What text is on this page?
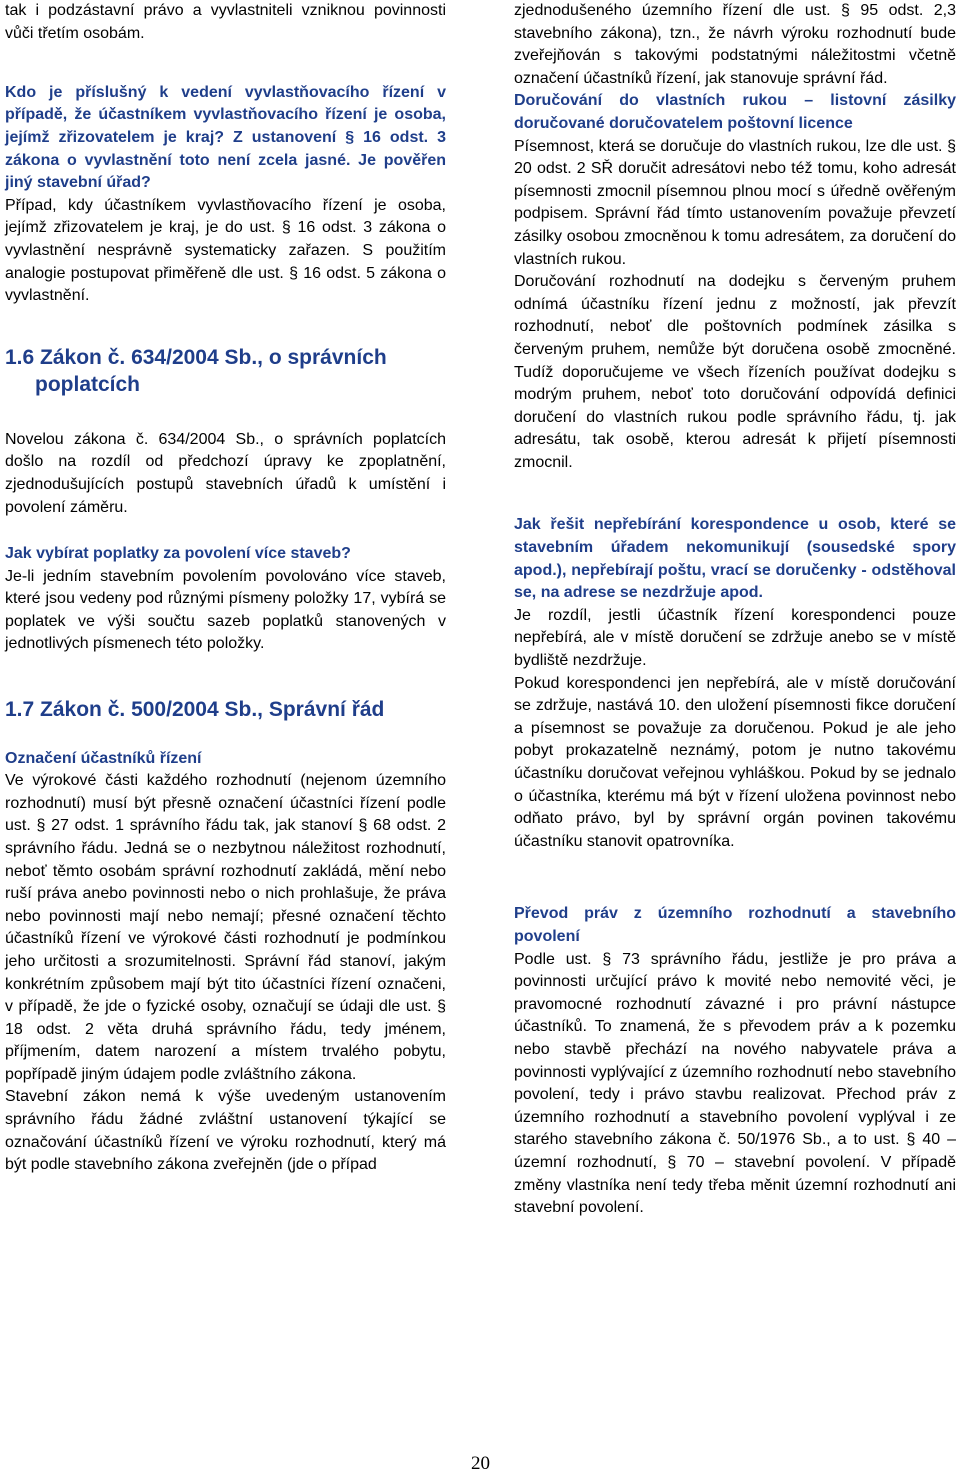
tak i podzástavní právo a vyvlastniteli vzniknou povinnosti vůči třetím osobám.

Kdo je příslušný k vedení vyvlastňovacího řízení v případě, že účastníkem vyvlastňovacího řízení je osoba, jejímž zřizovatelem je kraj? Z ustanovení § 16 odst. 3 zákona o vyvlastnění toto není zcela jasné. Je pověřen jiný stavební úřad?

Případ, kdy účastníkem vyvlastňovacího řízení je osoba, jejímž zřizovatelem je kraj, je do ust. § 16 odst. 3 zákona o vyvlastnění nesprávně systematicky zařazen. S použitím analogie postupovat přiměřeně dle ust. § 16 odst. 5 zákona o vyvlastnění.

1.6 Zákon č. 634/2004 Sb., o správních poplatcích

Novelou zákona č. 634/2004 Sb., o správních poplatcích došlo na rozdíl od předchozí úpravy ke zpoplatnění, zjednodušujících postupů stavebních úřadů k umístění i povolení záměru.

Jak vybírat poplatky za povolení více staveb?

Je-li jedním stavebním povolením povolováno více staveb, které jsou vedeny pod různými písmeny položky 17, vybírá se poplatek ve výši součtu sazeb poplatků stanovených v jednotlivých písmenech této položky.

1.7 Zákon č. 500/2004 Sb., Správní řád

Označení účastníků řízení

Ve výrokové části každého rozhodnutí (nejenom územního rozhodnutí) musí být přesně označení účastníci řízení podle ust. § 27 odst. 1 správního řádu tak, jak stanoví § 68 odst. 2 správního řádu. Jedná se o nezbytnou náležitost rozhodnutí, neboť těmto osobám správní rozhodnutí zakládá, mění nebo ruší práva anebo povinnosti nebo o nich prohlašuje, že práva nebo povinnosti mají nebo nemají; přesné označení těchto účastníků řízení ve výrokové části rozhodnutí je podmínkou jeho určitosti a srozumitelnosti. Správní řád stanoví, jakým konkrétním způsobem mají být tito účastníci řízení označeni, v případě, že jde o fyzické osoby, označují se údaji dle ust. § 18 odst. 2 věta druhá správního řádu, tedy jménem, příjmením, datem narození a místem trvalého pobytu, popřípadě jiným údajem podle zvláštního zákona.

Stavební zákon nemá k výše uvedeným ustanovením správního řádu žádné zvláštní ustanovení týkající se označování účastníků řízení ve výroku rozhodnutí, který má být podle stavebního zákona zveřejněn (jde o případ

zjednodušeného územního řízení dle ust. § 95 odst. 2,3 stavebního zákona), tzn., že návrh výroku rozhodnutí bude zveřejňován s takovými podstatnými náležitostmi včetně označení účastníků řízení, jak stanovuje správní řád.

Doručování do vlastních rukou – listovní zásilky doručované doručovatelem poštovní licence

Písemnost, která se doručuje do vlastních rukou, lze dle ust. § 20 odst. 2 SŘ doručit adresátovi nebo též tomu, koho adresát písemnosti zmocnil písemnou plnou mocí s úředně ověřeným podpisem. Správní řád tímto ustanovením považuje převzetí zásilky osobou zmocněnou k tomu adresátem, za doručení do vlastních rukou.

Doručování rozhodnutí na dodejku s červeným pruhem odnímá účastníku řízení jednu z možností, jak převzít rozhodnutí, neboť dle poštovních podmínek zásilka s červeným pruhem, nemůže být doručena osobě zmocněné. Tudíž doporučujeme ve všech řízeních používat dodejku s modrým pruhem, neboť toto doručování odpovídá definici doručení do vlastních rukou podle správního řádu, tj. jak adresátu, tak osobě, kterou adresát k přijetí písemnosti zmocnil.

Jak řešit nepřebírání korespondence u osob, které se stavebním úřadem nekomunikují (sousedské spory apod.), nepřebírají poštu, vrací se doručenky - odstěhoval se, na adrese se nezdržuje apod.

Je rozdíl, jestli účastník řízení korespondenci pouze nepřebírá, ale v místě doručení se zdržuje anebo se v místě bydliště nezdržuje.

Pokud korespondenci jen nepřebírá, ale v místě doručování se zdržuje, nastává 10. den uložení písemnosti fikce doručení a písemnost se považuje za doručenou. Pokud je ale jeho pobyt prokazatelně neznámý, potom je nutno takovému účastníku doručovat veřejnou vyhláškou. Pokud by se jednalo o účastníka, kterému má být v řízení uložena povinnost nebo odňato právo, byl by správní orgán povinen takovému účastníku stanovit opatrovníka.

Převod práv z územního rozhodnutí a stavebního povolení

Podle ust. § 73 správního řádu, jestliže je pro práva a povinnosti určující právo k movité nebo nemovité věci, je pravomocné rozhodnutí závazné i pro právní nástupce účastníků. To znamená, že s převodem práv a k pozemku nebo stavbě přechází na nového nabyvatele práva a povinnosti vyplývající z územního rozhodnutí nebo stavebního povolení, tedy i právo stavbu realizovat. Přechod práv z územního rozhodnutí a stavebního povolení vyplýval i ze starého stavebního zákona č. 50/1976 Sb., a to ust. § 40 – územní rozhodnutí, § 70 – stavební povolení. V případě změny vlastníka není tedy třeba měnit územní rozhodnutí ani stavební povolení.

20
